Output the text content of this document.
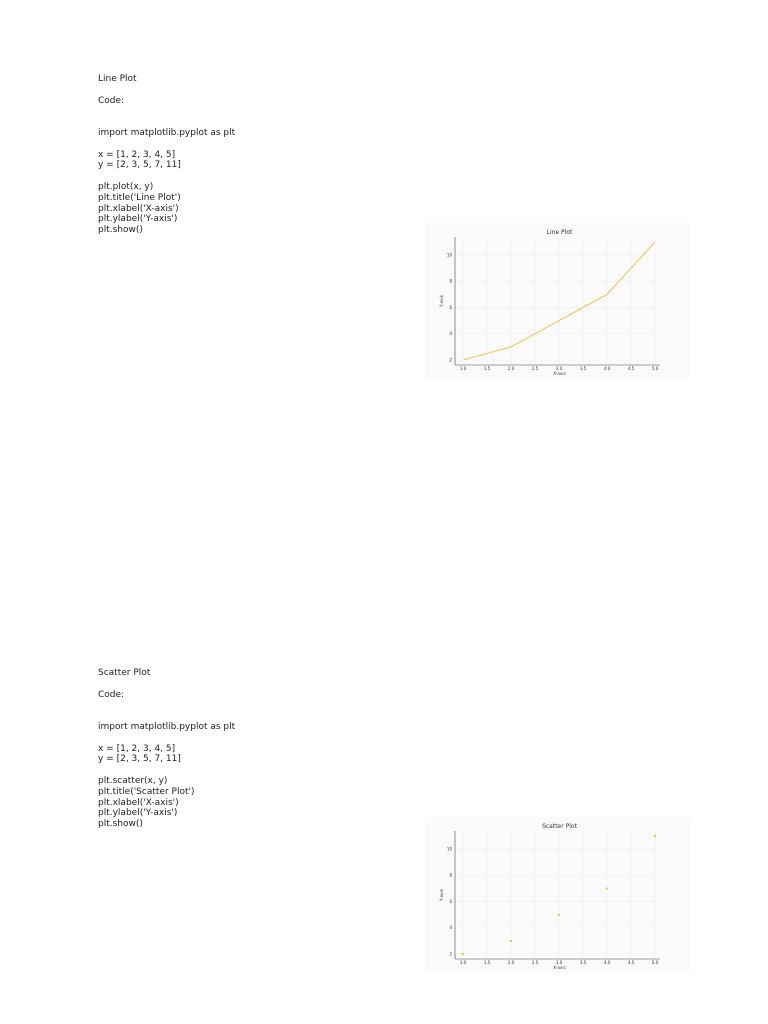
Line Plot
Code:
import matplotlib.pyplot as plt
x = [1, 2, 3, 4, 5]
y = [2, 3, 5, 7, 11]
plt.plot(x, y)
plt.title('Line Plot')
plt.xlabel('X-axis')
plt.ylabel('Y-axis')
plt.show()	Line Plot
1.0	1.5	2.0	2.5	3.0	3.5	4.0	4.5	5.0
2
4
6
8
10
X-axis
Y-axis
Scatter Plot
Code:
import matplotlib.pyplot as plt
x = [1, 2, 3, 4, 5]
y = [2, 3, 5, 7, 11]
plt.scatter(x, y)
plt.title('Scatter Plot')
plt.xlabel('X-axis')
plt.ylabel('Y-axis')
plt.show()	Scatter Plot
1.0	1.5	2.0	2.5	3.0	3.5	4.0	4.5	5.0
2
4
6
8
10
X-axis
Y-axis
